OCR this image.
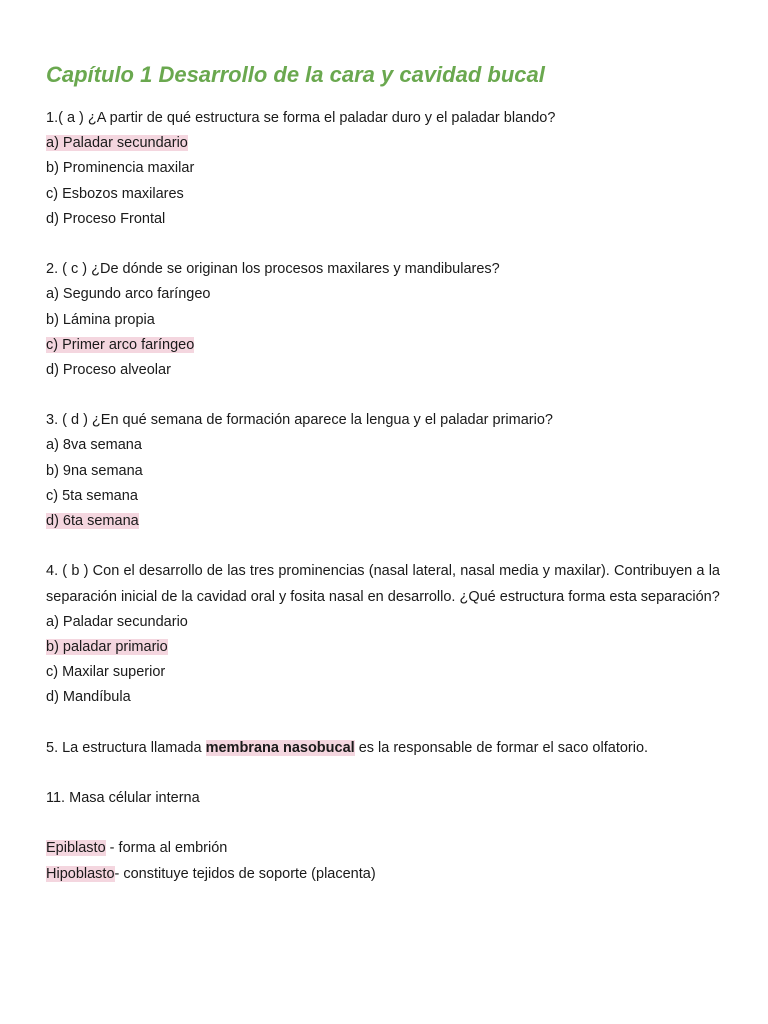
Capítulo 1 Desarrollo de la cara y cavidad bucal
1.( a ) ¿A partir de qué estructura se forma el paladar duro y el paladar blando?
a) Paladar secundario
b) Prominencia maxilar
c) Esbozos maxilares
d) Proceso Frontal
2. ( c ) ¿De dónde se originan los procesos maxilares y mandibulares?
a) Segundo arco faríngeo
b) Lámina propia
c) Primer arco faríngeo
d) Proceso alveolar
3. ( d ) ¿En qué semana de formación aparece la lengua y el paladar primario?
a) 8va semana
b) 9na semana
c) 5ta semana
d) 6ta semana
4. ( b ) Con el desarrollo de las tres prominencias (nasal lateral, nasal media y maxilar). Contribuyen a la separación inicial de la cavidad oral y fosita nasal en desarrollo. ¿Qué estructura forma esta separación?
a) Paladar secundario
b) paladar primario
c) Maxilar superior
d) Mandíbula
5. La estructura llamada membrana nasobucal es la responsable de formar el saco olfatorio.
11. Masa célular interna
Epiblasto - forma al embrión
Hipoblasto- constituye tejidos de soporte (placenta)
